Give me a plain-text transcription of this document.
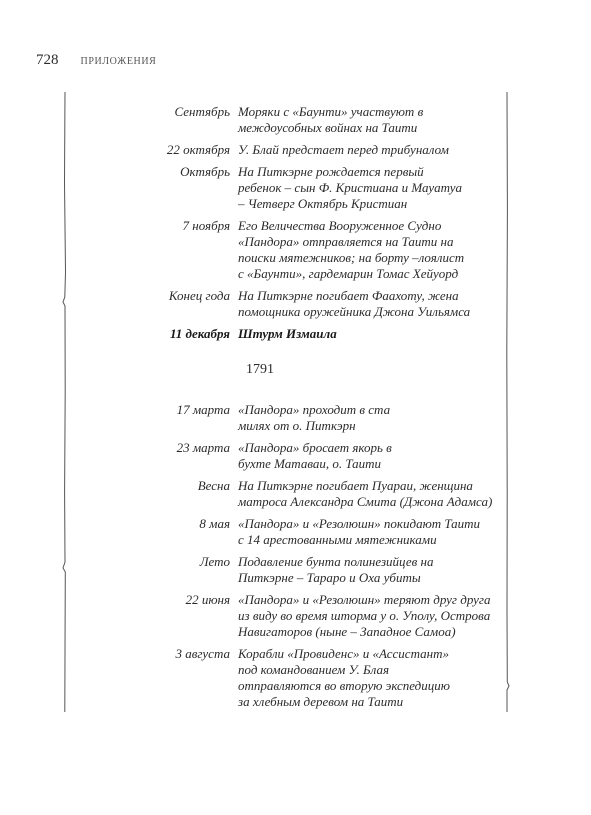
728 ПРИЛОЖЕНИЯ
Сентябрь Моряки с «Баунти» участвуют в
междоусобных войнах на Таити
22 октября У. Блай предстает перед трибуналом
Октябрь На Питкэрне рождается первый
ребенок – сын Ф. Кристиана и Мауатуа
– Четверг Октябрь Кристиан
7 ноября Его Величества Вооруженное Судно
«Пандора» отправляется на Таити на
поиски мятежников; на борту –лоялист
с «Баунти», гардемарин Томас Хейуорд
Конец года На Питкэрне погибает Фаахоту, жена
помощника оружейника Джона Уильямса
11 декабря Штурм Измаила
1791
17 марта «Пандора» проходит в ста
милях от о. Питкэрн
23 марта «Пандора» бросает якорь в
бухте Матаваи, о. Таити
Весна На Питкэрне погибает Пуараи, женщина
матроса Александра Смита (Джона Адамса)
8 мая «Пандора» и «Резолюшн» покидают Таити
с 14 арестованными мятежниками
Лето Подавление бунта полинезийцев на
Питкэрне – Тараро и Оха убиты
22 июня «Пандора» и «Резолюшн» теряют друг друга
из виду во время шторма у о. Уполу, Острова
Навигаторов (ныне – Западное Самоа)
3 августа Корабли «Провиденс» и «Ассистант»
под командованием У. Блая
отправляются во вторую экспедицию
за хлебным деревом на Таити
